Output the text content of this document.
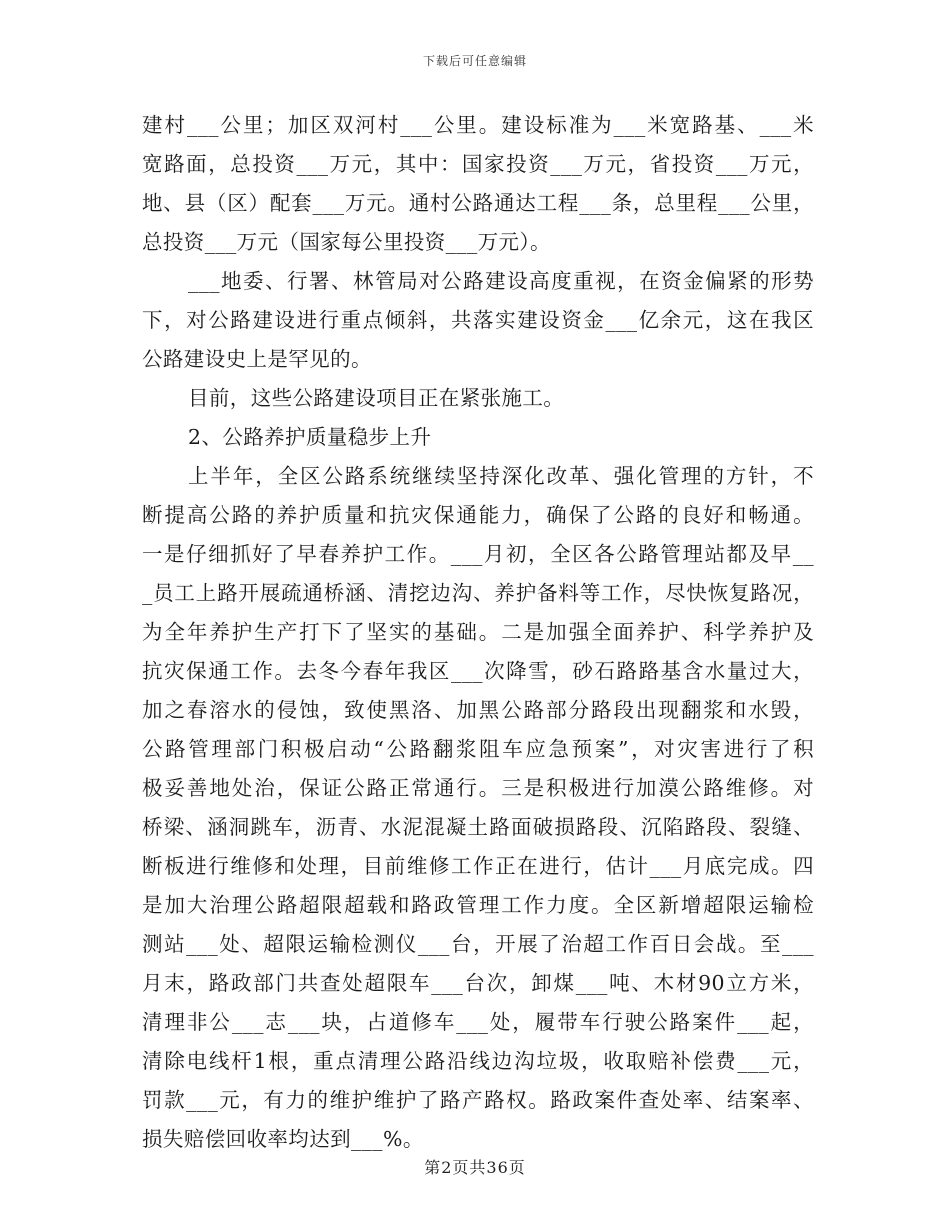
下载后可任意编辑
建村___公里；加区双河村___公里。建设标准为___米宽路基、___米
宽路面，总投资___万元，其中：国家投资___万元，省投资___万元，
地、县（区）配套___万元。通村公路通达工程___条，总里程___公里，
总投资___万元（国家每公里投资___万元）。
___地委、行署、林管局对公路建设高度重视，在资金偏紧的形势
下，对公路建设进行重点倾斜，共落实建设资金___亿余元，这在我区
公路建设史上是罕见的。
目前，这些公路建设项目正在紧张施工。
2、公路养护质量稳步上升
上半年，全区公路系统继续坚持深化改革、强化管理的方针，不
断提高公路的养护质量和抗灾保通能力，确保了公路的良好和畅通。
一是仔细抓好了早春养护工作。___月初，全区各公路管理站都及早__
_员工上路开展疏通桥涵、清挖边沟、养护备料等工作，尽快恢复路况，
为全年养护生产打下了坚实的基础。二是加强全面养护、科学养护及
抗灾保通工作。去冬今春年我区___次降雪，砂石路路基含水量过大，
加之春溶水的侵蚀，致使黑洛、加黑公路部分路段出现翻浆和水毁，
公路管理部门积极启动“公路翻浆阻车应急预案”，对灾害进行了积
极妥善地处治，保证公路正常通行。三是积极进行加漠公路维修。对
桥梁、涵洞跳车，沥青、水泥混凝土路面破损路段、沉陷路段、裂缝、
断板进行维修和处理，目前维修工作正在进行，估计___月底完成。四
是加大治理公路超限超载和路政管理工作力度。全区新增超限运输检
测站___处、超限运输检测仪___台，开展了治超工作百日会战。至___
月末，路政部门共查处超限车___台次，卸煤___吨、木材90立方米，
清理非公___志___块，占道修车___处，履带车行驶公路案件___起，
清除电线杆1根，重点清理公路沿线边沟垃圾，收取赔补偿费___元，
罚款___元，有力的维护维护了路产路权。路政案件查处率、结案率、
损失赔偿回收率均达到___%。
第2页共36页
